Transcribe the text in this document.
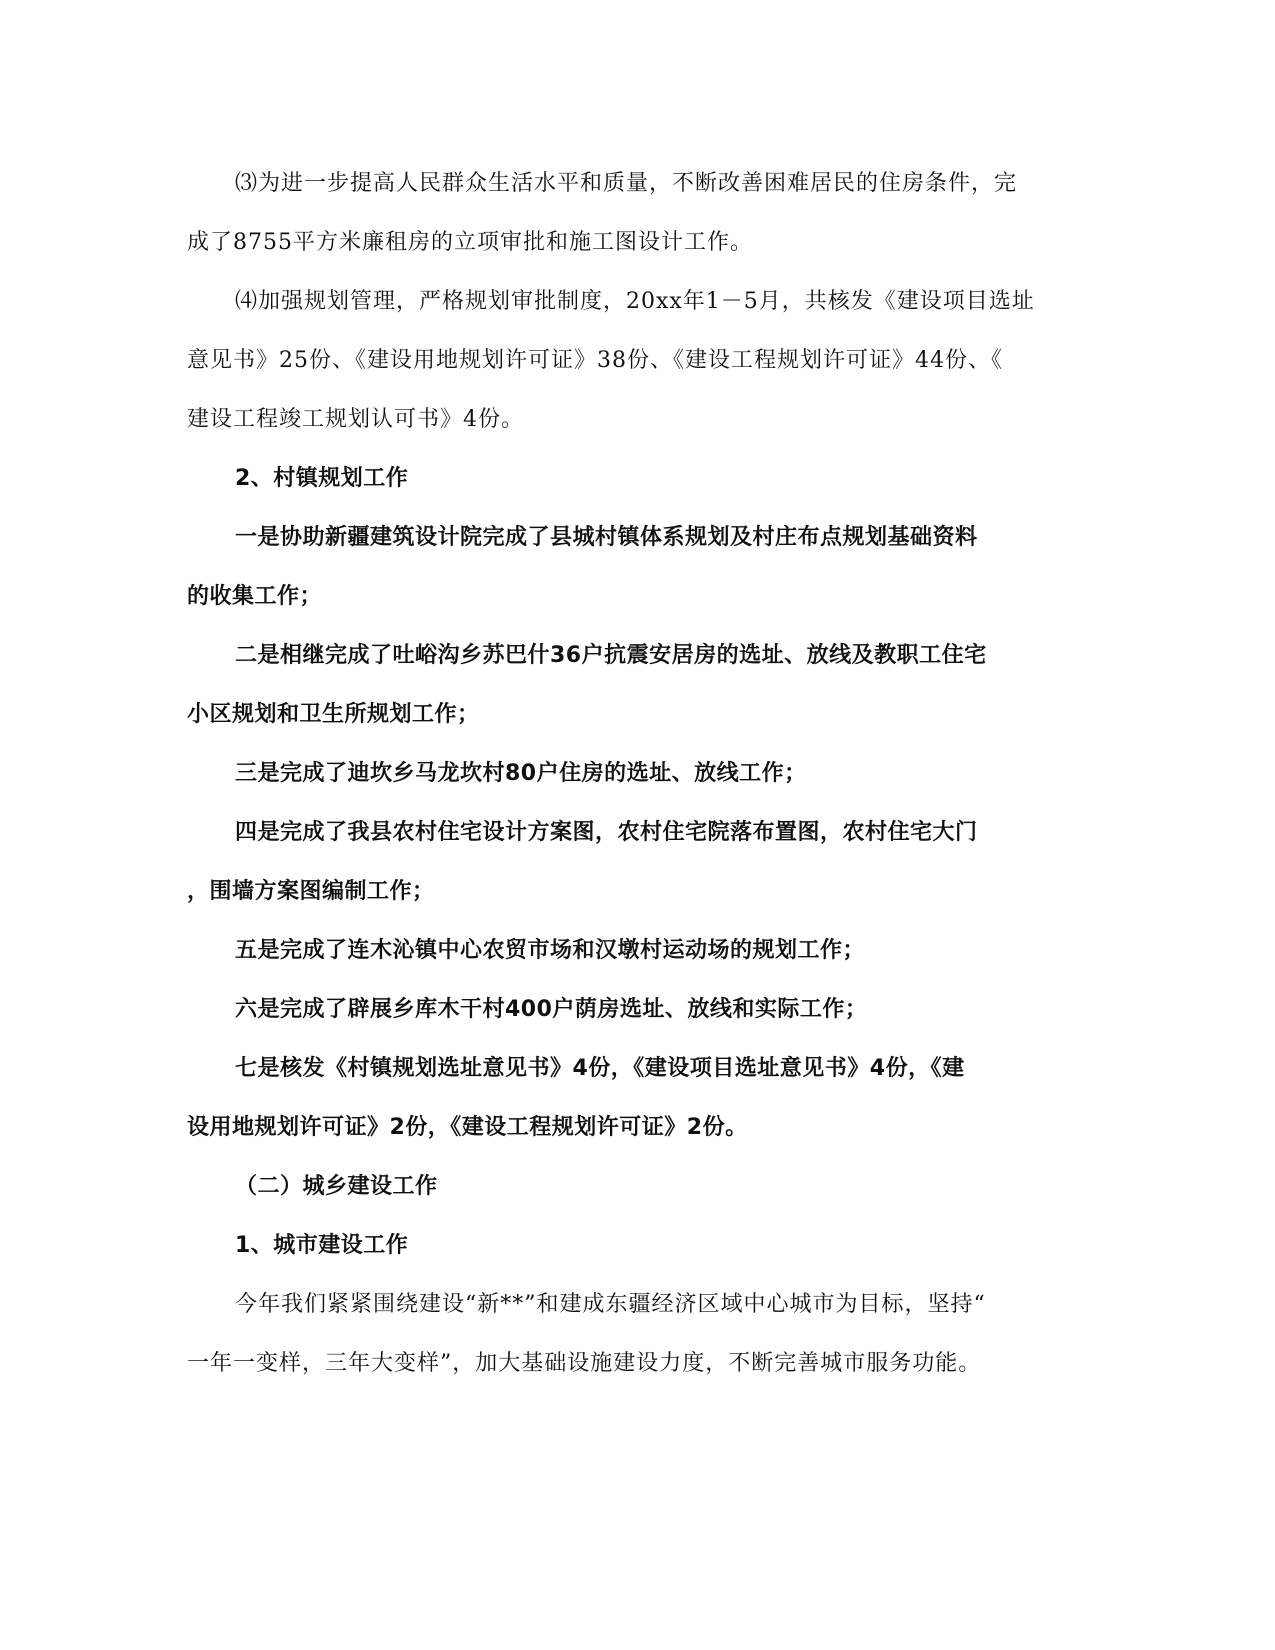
⑶为进一步提高人民群众生活水平和质量，不断改善困难居民的住房条件，完
成了8755平方米廉租房的立项审批和施工图设计工作。

⑷加强规划管理，严格规划审批制度，20xx年1－5月，共核发《建设项目选址
意见书》25份、《建设用地规划许可证》38份、《建设工程规划许可证》44份、《
建设工程竣工规划认可书》4份。

2、村镇规划工作

一是协助新疆建筑设计院完成了县城村镇体系规划及村庄布点规划基础资料
的收集工作；

二是相继完成了吐峪沟乡苏巴什36户抗震安居房的选址、放线及教职工住宅
小区规划和卫生所规划工作；

三是完成了迪坎乡马龙坎村80户住房的选址、放线工作；

四是完成了我县农村住宅设计方案图，农村住宅院落布置图，农村住宅大门
，围墙方案图编制工作；

五是完成了连木沁镇中心农贸市场和汉墩村运动场的规划工作；

六是完成了辟展乡库木干村400户荫房选址、放线和实际工作；

七是核发《村镇规划选址意见书》4份，《建设项目选址意见书》4份，《建
设用地规划许可证》2份，《建设工程规划许可证》2份。

（二）城乡建设工作

1、城市建设工作

今年我们紧紧围绕建设“新**”和建成东疆经济区域中心城市为目标，坚持“
一年一变样，三年大变样”，加大基础设施建设力度，不断完善城市服务功能。
